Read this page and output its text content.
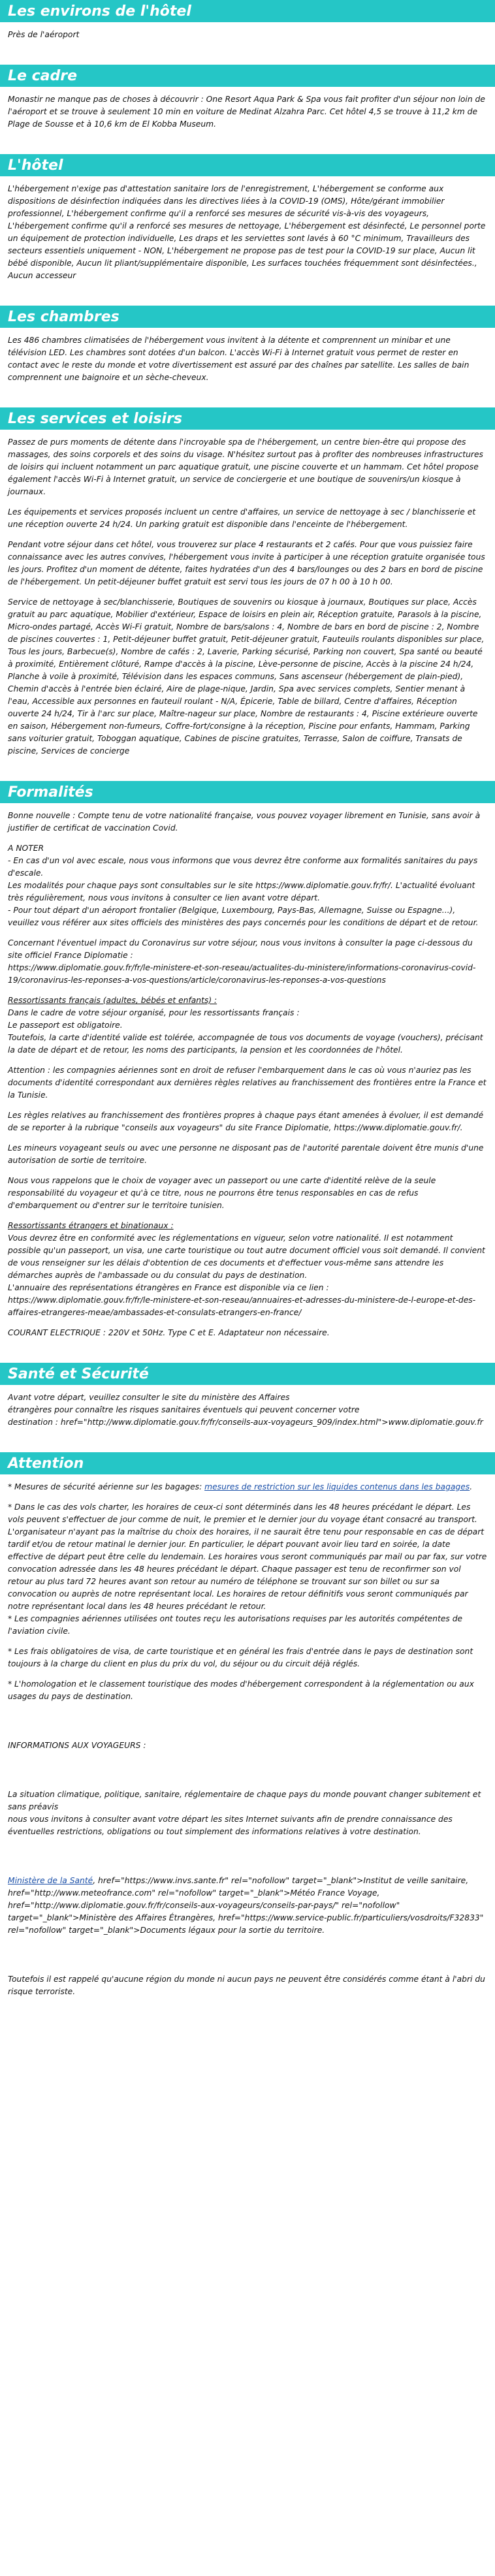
Les environs de l'hôtel

Près de l'aéroport

Le cadre

Monastir ne manque pas de choses à découvrir : One Resort Aqua Park & Spa vous fait profiter d'un séjour non loin de l'aéroport et se trouve à seulement 10 min en voiture de Medinat Alzahra Parc. Cet hôtel 4,5 se trouve à 11,2 km de Plage de Sousse et à 10,6 km de El Kobba Museum.

L'hôtel

L'hébergement n'exige pas d'attestation sanitaire lors de l'enregistrement, L'hébergement se conforme aux dispositions de désinfection indiquées dans les directives liées à la COVID-19 (OMS), Hôte/gérant immobilier professionnel, L'hébergement confirme qu'il a renforcé ses mesures de sécurité vis-à-vis des voyageurs, L'hébergement confirme qu'il a renforcé ses mesures de nettoyage, L'hébergement est désinfecté, Le personnel porte un équipement de protection individuelle, Les draps et les serviettes sont lavés à 60 °C minimum, Travailleurs des secteurs essentiels uniquement - NON, L'hébergement ne propose pas de test pour la COVID-19 sur place, Aucun lit bébé disponible, Aucun lit pliant/supplémentaire disponible, Les surfaces touchées fréquemment sont désinfectées., Aucun accesseur

Les chambres

Les 486 chambres climatisées de l'hébergement vous invitent à la détente et comprennent un minibar et une télévision LED. Les chambres sont dotées d'un balcon. L'accès Wi-Fi à Internet gratuit vous permet de rester en contact avec le reste du monde et votre divertissement est assuré par des chaînes par satellite. Les salles de bain comprennent une baignoire et un sèche-cheveux.

Les services et loisirs

Passez de purs moments de détente dans l'incroyable spa de l'hébergement, un centre bien-être qui propose des massages, des soins corporels et des soins du visage. N'hésitez surtout pas à profiter des nombreuses infrastructures de loisirs qui incluent notamment un parc aquatique gratuit, une piscine couverte et un hammam. Cet hôtel propose également l'accès Wi-Fi à Internet gratuit, un service de conciergerie et une boutique de souvenirs/un kiosque à journaux.

Les équipements et services proposés incluent un centre d'affaires, un service de nettoyage à sec / blanchisserie et une réception ouverte 24 h/24. Un parking gratuit est disponible dans l'enceinte de l'hébergement.

Pendant votre séjour dans cet hôtel, vous trouverez sur place 4 restaurants et 2 cafés. Pour que vous puissiez faire connaissance avec les autres convives, l'hébergement vous invite à participer à une réception gratuite organisée tous les jours. Profitez d'un moment de détente, faites hydratées d'un des 4 bars/lounges ou des 2 bars en bord de piscine de l'hébergement. Un petit-déjeuner buffet gratuit est servi tous les jours de 07 h 00 à 10 h 00.

Service de nettoyage à sec/blanchisserie, Boutiques de souvenirs ou kiosque à journaux, Boutiques sur place, Accès gratuit au parc aquatique, Mobilier d'extérieur, Espace de loisirs en plein air, Réception gratuite, Parasols à la piscine, Micro-ondes partagé, Accès Wi-Fi gratuit, Nombre de bars/salons : 4, Nombre de bars en bord de piscine : 2, Nombre de piscines couvertes : 1, Petit-déjeuner buffet gratuit, Petit-déjeuner gratuit, Fauteuils roulants disponibles sur place, Tous les jours, Barbecue(s), Nombre de cafés : 2, Laverie, Parking sécurisé, Parking non couvert, Spa santé ou beauté à proximité, Entièrement clôturé, Rampe d'accès à la piscine, Lève-personne de piscine, Accès à la piscine 24 h/24, Planche à voile à proximité, Télévision dans les espaces communs, Sans ascenseur (hébergement de plain-pied), Chemin d'accès à l'entrée bien éclairé, Aire de plage-nique, Jardin, Spa avec services complets, Sentier menant à l'eau, Accessible aux personnes en fauteuil roulant - N/A, Épicerie, Table de billard, Centre d'affaires, Réception ouverte 24 h/24, Tir à l'arc sur place, Maître-nageur sur place, Nombre de restaurants : 4, Piscine extérieure ouverte en saison, Hébergement non-fumeurs, Coffre-fort/consigne à la réception, Piscine pour enfants, Hammam, Parking sans voiturier gratuit, Toboggan aquatique, Cabines de piscine gratuites, Terrasse, Salon de coiffure, Transats de piscine, Services de concierge

Formalités

Bonne nouvelle : Compte tenu de votre nationalité française, vous pouvez voyager librement en Tunisie, sans avoir à justifier de certificat de vaccination Covid.

A NOTER

- En cas d'un vol avec escale, nous vous informons que vous devrez être conforme aux formalités sanitaires du pays d'escale.
Les modalités pour chaque pays sont consultables sur le site https://www.diplomatie.gouv.fr/fr/. L'actualité évoluant très régulièrement, nous vous invitons à consulter ce lien avant votre départ.
- Pour tout départ d'un aéroport frontalier (Belgique, Luxembourg, Pays-Bas, Allemagne, Suisse ou Espagne...), veuillez vous référer aux sites officiels des ministères des pays concernés pour les conditions de départ et de retour.

Concernant l'éventuel impact du Coronavirus sur votre séjour, nous vous invitons à consulter la page ci-dessous du site officiel France Diplomatie :
https://www.diplomatie.gouv.fr/fr/le-ministere-et-son-reseau/actualites-du-ministere/informations-coronavirus-covid-19/coronavirus-les-reponses-a-vos-questions/article/coronavirus-les-reponses-a-vos-questions

Ressortissants français (adultes, bébés et enfants) :

Dans le cadre de votre séjour organisé, pour les ressortissants français :
Le passeport est obligatoire.
Toutefois, la carte d'identité valide est tolérée, accompagnée de tous vos documents de voyage (vouchers), précisant la date de départ et de retour, les noms des participants, la pension et les coordonnées de l'hôtel.

Attention : les compagnies aériennes sont en droit de refuser l'embarquement dans le cas où vous n'auriez pas les documents d'identité correspondant aux dernières règles relatives au franchissement des frontières entre la France et la Tunisie.

Les règles relatives au franchissement des frontières propres à chaque pays étant amenées à évoluer, il est demandé de se reporter à la rubrique "conseils aux voyageurs" du site France Diplomatie, https://www.diplomatie.gouv.fr/.

Les mineurs voyageant seuls ou avec une personne ne disposant pas de l'autorité parentale doivent être munis d'une autorisation de sortie de territoire.

Nous vous rappelons que le choix de voyager avec un passeport ou une carte d'identité relève de la seule responsabilité du voyageur et qu'à ce titre, nous ne pourrons être tenus responsables en cas de refus d'embarquement ou d'entrer sur le territoire tunisien.

Ressortissants étrangers et binationaux :

Vous devrez être en conformité avec les réglementations en vigueur, selon votre nationalité. Il est notamment possible qu'un passeport, un visa, une carte touristique ou tout autre document officiel vous soit demandé. Il convient de vous renseigner sur les délais d'obtention de ces documents et d'effectuer vous-même sans attendre les démarches auprès de l'ambassade ou du consulat du pays de destination.
L'annuaire des représentations étrangères en France est disponible via ce lien :
https://www.diplomatie.gouv.fr/fr/le-ministere-et-son-reseau/annuaires-et-adresses-du-ministere-de-l-europe-et-des-affaires-etrangeres-meae/ambassades-et-consulats-etrangers-en-france/

COURANT ELECTRIQUE : 220V et 50Hz. Type C et E. Adaptateur non nécessaire.

Santé et Sécurité

Avant votre départ, veuillez consulter le site du ministère des Affaires
étrangères pour connaître les risques sanitaires éventuels qui peuvent concerner votre
destination : href="http://www.diplomatie.gouv.fr/fr/conseils-aux-voyageurs_909/index.html">www.diplomatie.gouv.fr

Attention

* Mesures de sécurité aérienne sur les bagages: mesures de restriction sur les liquides contenus dans les bagages.

* Dans le cas des vols charter, les horaires de ceux-ci sont déterminés dans les 48 heures précédant le départ. Les vols peuvent s'effectuer de jour comme de nuit, le premier et le dernier jour du voyage étant consacré au transport. L'organisateur n'ayant pas la maîtrise du choix des horaires, il ne saurait être tenu pour responsable en cas de départ tardif et/ou de retour matinal le dernier jour. En particulier, le départ pouvant avoir lieu tard en soirée, la date effective de départ peut être celle du lendemain. Les horaires vous seront communiqués par mail ou par fax, sur votre convocation adressée dans les 48 heures précédant le départ. Chaque passager est tenu de reconfirmer son vol retour au plus tard 72 heures avant son retour au numéro de téléphone se trouvant sur son billet ou sur sa convocation ou auprès de notre représentant local. Les horaires de retour définitifs vous seront communiqués par notre représentant local dans les 48 heures précédant le retour.
* Les compagnies aériennes utilisées ont toutes reçu les autorisations requises par les autorités compétentes de l'aviation civile.

* Les frais obligatoires de visa, de carte touristique et en général les frais d'entrée dans le pays de destination sont toujours à la charge du client en plus du prix du vol, du séjour ou du circuit déjà réglés.

* L'homologation et le classement touristique des modes d'hébergement correspondent à la réglementation ou aux usages du pays de destination.

INFORMATIONS AUX VOYAGEURS :

La situation climatique, politique, sanitaire, réglementaire de chaque pays du monde pouvant changer subitement et sans préavis
nous vous invitons à consulter avant votre départ les sites Internet suivants afin de prendre connaissance des éventuelles restrictions, obligations ou tout simplement des informations relatives à votre destination.

Ministère de la Santé, href="https://www.invs.sante.fr" rel="nofollow" target="_blank">Institut de veille sanitaire, href="http://www.meteofrance.com" rel="nofollow" target="_blank">Météo France Voyage, href="http://www.diplomatie.gouv.fr/fr/conseils-aux-voyageurs/conseils-par-pays/" rel="nofollow" target="_blank">Ministère des Affaires Étrangères, href="https://www.service-public.fr/particuliers/vosdroits/F32833" rel="nofollow" target="_blank">Documents légaux pour la sortie du territoire.

Toutefois il est rappelé qu'aucune région du monde ni aucun pays ne peuvent être considérés comme étant à l'abri du risque terroriste.
